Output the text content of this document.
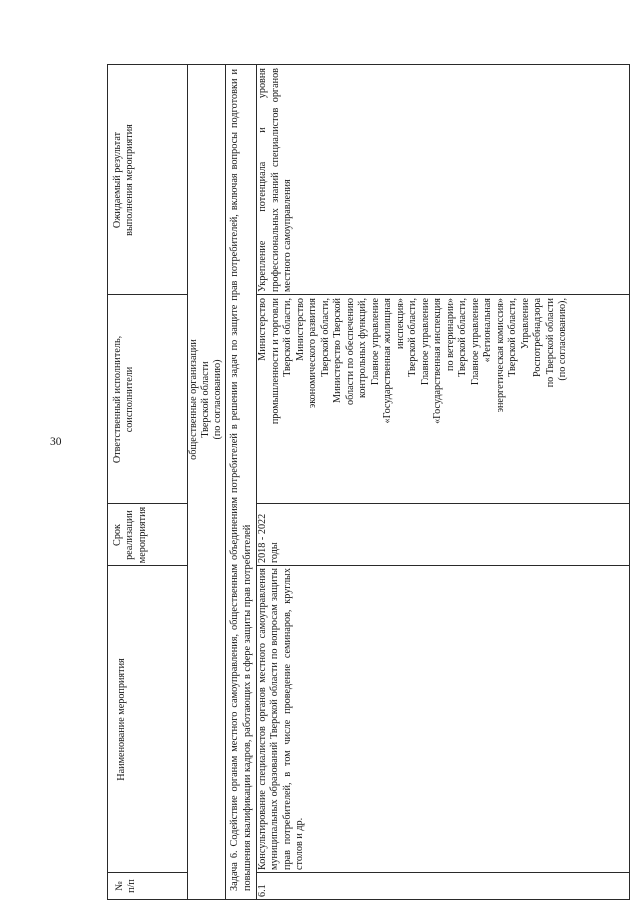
30
№
п/п
Наименование мероприятия
Срок
реализации
мероприятия
Ответственный исполнитель,
соисполнители
Ожидаемый результат
выполнения мероприятия
общественные организации
Тверской области
(по согласованию) Задача 6. Содействие органам местного самоуправления, общественным объединениям потребителей в решении задач по защите прав потребителей, включая вопросы подготовки и повышения квалификации кадров, работающих в сфере защиты прав потребителей 6.1
Консультирование специалистов органов местного самоуправления муниципальных образований Тверской области по вопросам защиты прав потребителей, в том числе проведение семинаров, круглых столов и др.
2018 - 2022
годы
Министерство
промышленности и торговли
Тверской области,
Министерство
экономического развития
Тверской области,
Министерство Тверской
области по обеспечению
контрольных функций,
Главное управление
«Государственная жилищная
инспекция»
Тверской области,
Главное управление
«Государственная инспекция
по ветеринарии»
Тверской области,
Главное управление
«Региональная
энергетическая комиссия»
Тверской области,
Управление
Роспотребнадзора
по Тверской области
(по согласованию),
Укрепление потенциала и уровня профессиональных знаний специалистов органов местного самоуправления
